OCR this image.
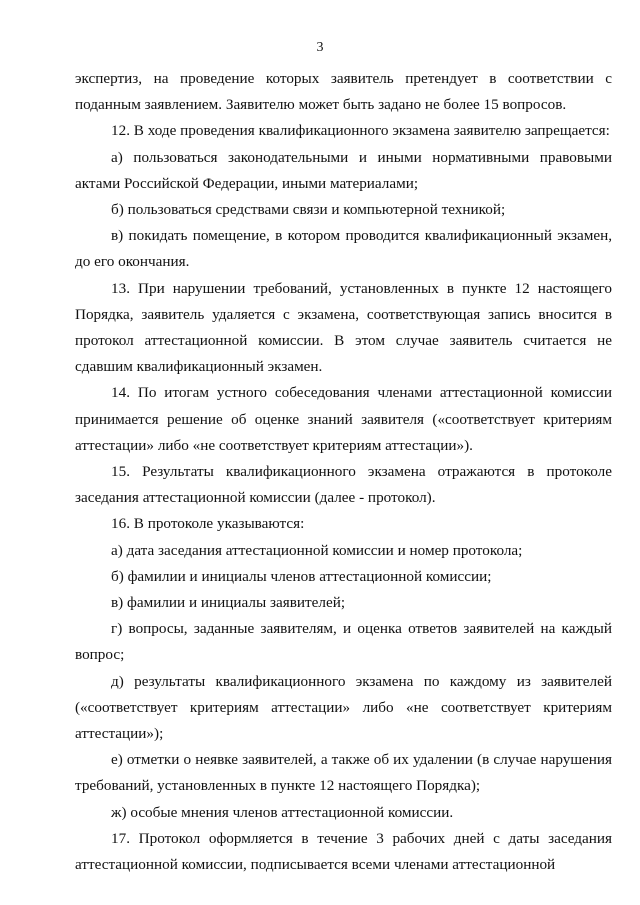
3

экспертиз, на проведение которых заявитель претендует в соответствии с поданным заявлением. Заявителю может быть задано не более 15 вопросов.

12. В ходе проведения квалификационного экзамена заявителю запрещается:

а) пользоваться законодательными и иными нормативными правовыми актами Российской Федерации, иными материалами;

б) пользоваться средствами связи и компьютерной техникой;

в) покидать помещение, в котором проводится квалификационный экзамен, до его окончания.

13. При нарушении требований, установленных в пункте 12 настоящего Порядка, заявитель удаляется с экзамена, соответствующая запись вносится в протокол аттестационной комиссии. В этом случае заявитель считается не сдавшим квалификационный экзамен.

14. По итогам устного собеседования членами аттестационной комиссии принимается решение об оценке знаний заявителя («соответствует критериям аттестации» либо «не соответствует критериям аттестации»).

15. Результаты квалификационного экзамена отражаются в протоколе заседания аттестационной комиссии (далее - протокол).

16. В протоколе указываются:

а) дата заседания аттестационной комиссии и номер протокола;

б) фамилии и инициалы членов аттестационной комиссии;

в) фамилии и инициалы заявителей;

г) вопросы, заданные заявителям, и оценка ответов заявителей на каждый вопрос;

д) результаты квалификационного экзамена по каждому из заявителей («соответствует критериям аттестации» либо «не соответствует критериям аттестации»);

е) отметки о неявке заявителей, а также об их удалении (в случае нарушения требований, установленных в пункте 12 настоящего Порядка);

ж) особые мнения членов аттестационной комиссии.

17. Протокол оформляется в течение 3 рабочих дней с даты заседания аттестационной комиссии, подписывается всеми членами аттестационной
